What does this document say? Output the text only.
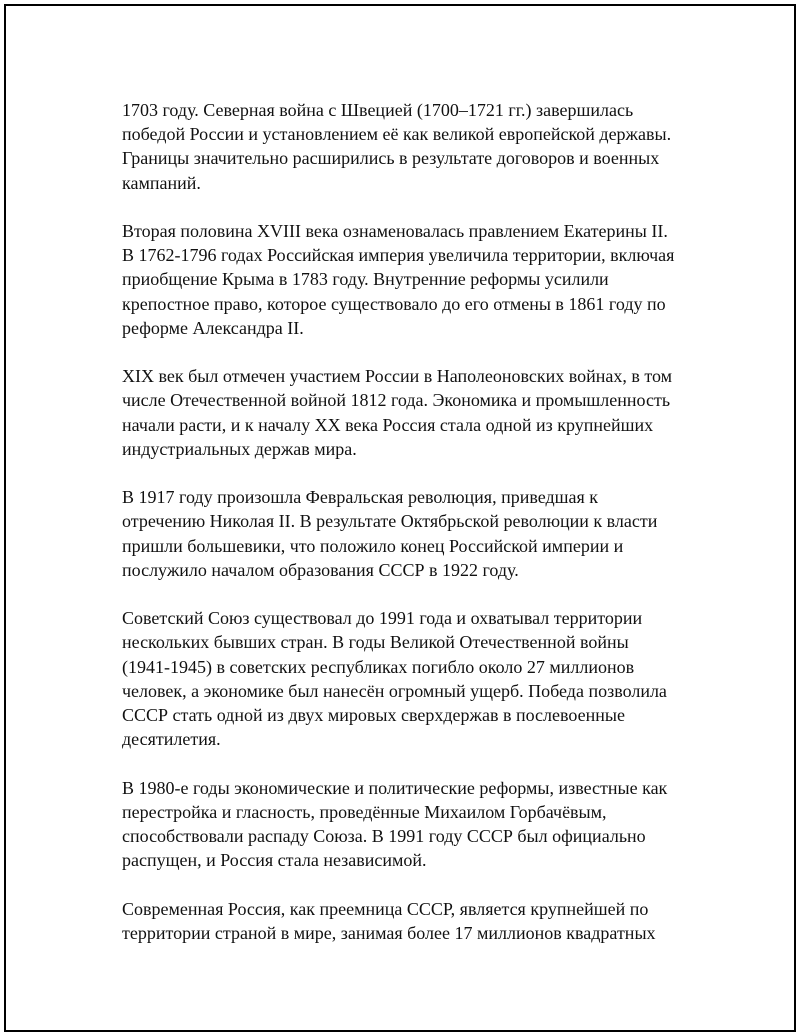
1703 году. Северная война с Швецией (1700–1721 гг.) завершилась
победой России и установлением её как великой европейской державы.
Границы значительно расширились в результате договоров и военных
кампаний.

Вторая половина XVIII века ознаменовалась правлением Екатерины II.
В 1762-1796 годах Российская империя увеличила территории, включая
приобщение Крыма в 1783 году. Внутренние реформы усилили
крепостное право, которое существовало до его отмены в 1861 году по
реформе Александра II.

XIX век был отмечен участием России в Наполеоновских войнах, в том
числе Отечественной войной 1812 года. Экономика и промышленность
начали расти, и к началу XX века Россия стала одной из крупнейших
индустриальных держав мира.

В 1917 году произошла Февральская революция, приведшая к
отречению Николая II. В результате Октябрьской революции к власти
пришли большевики, что положило конец Российской империи и
послужило началом образования СССР в 1922 году.

Советский Союз существовал до 1991 года и охватывал территории
нескольких бывших стран. В годы Великой Отечественной войны
(1941-1945) в советских республиках погибло около 27 миллионов
человек, а экономике был нанесён огромный ущерб. Победа позволила
СССР стать одной из двух мировых сверхдержав в послевоенные
десятилетия.

В 1980-е годы экономические и политические реформы, известные как
перестройка и гласность, проведённые Михаилом Горбачёвым,
способствовали распаду Союза. В 1991 году СССР был официально
распущен, и Россия стала независимой.

Современная Россия, как преемница СССР, является крупнейшей по
территории страной в мире, занимая более 17 миллионов квадратных
